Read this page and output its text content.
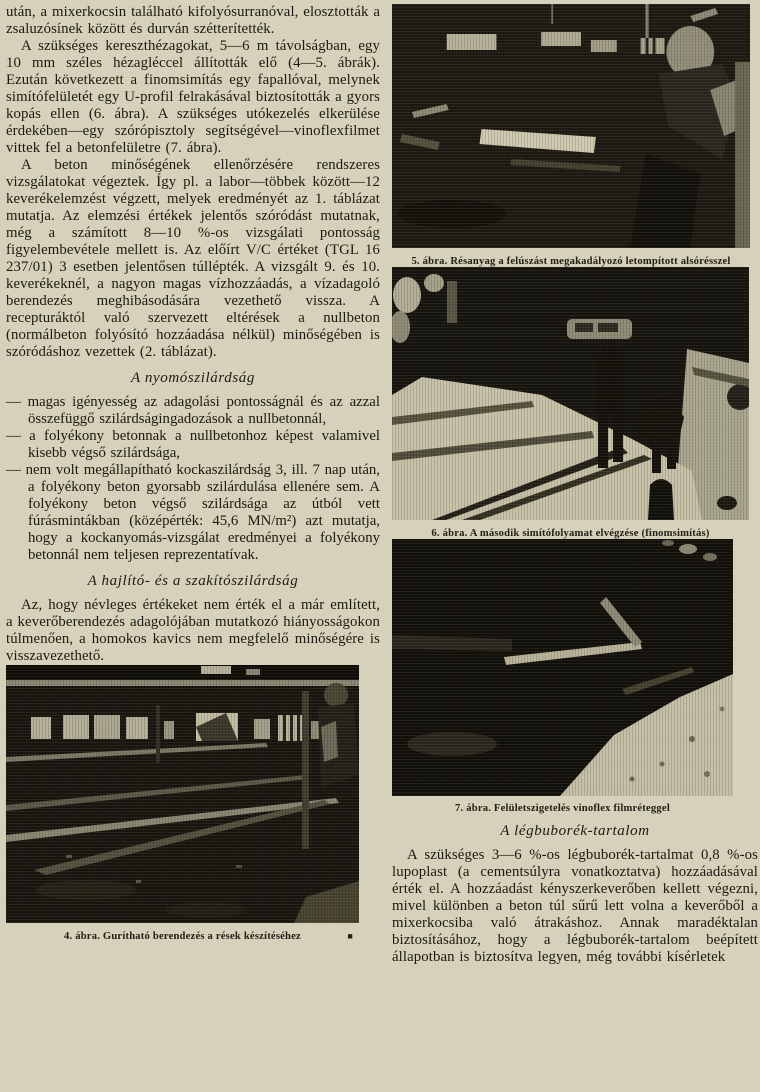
után, a mixerkocsin található kifolyósurranóval, elosztották a zsaluzósínek között és durván szétterítették.

A szükséges kereszthézagokat, 5—6 m távolságban, egy 10 mm széles hézagléccel állították elő (4—5. ábrák). Ezután következett a finomsimítás egy fapallóval, melynek simítófelületét egy U-profil felrakásával biztosították a gyors kopás ellen (6. ábra). A szükséges utókezelés elkerülése érdekében—egy szórópisztoly segítségével—vinoflexfilmet vittek fel a betonfelületre (7. ábra).

A beton minőségének ellenőrzésére rendszeres vizsgálatokat végeztek. Így pl. a labor—többek között—12 keverékelemzést végzett, melyek eredményét az 1. táblázat mutatja. Az elemzési értékek jelentős szóródást mutatnak, még a számított 8—10 %-os vizsgálati pontosság figyelembevétele mellett is. Az előírt V/C értéket (TGL 16 237/01) 3 esetben jelentősen túllépték. A vizsgált 9. és 10. keverékeknél, a nagyon magas vízhozzáadás, a vízadagoló berendezés meghibásodására vezethető vissza. A recepturáktól való szervezett eltérések a nullbeton (normálbeton folyósító hozzáadása nélkül) minőségében is szóródáshoz vezettek (2. táblázat).

A nyomószilárdság

— magas igényesség az adagolási pontosságnál és az azzal összefüggő szilárdságingadozások a nullbetonnál,

— a folyékony betonnak a nullbetonhoz képest valamivel kisebb végső szilárdsága,

— nem volt megállapítható kockaszilárdság 3, ill. 7 nap után, a folyékony beton gyorsabb szilárdulása ellenére sem. A folyékony beton végső szilárdsága az útból vett fúrásmintákban (középérték: 45,6 MN/m²) azt mutatja, hogy a kockanyomás-vizsgálat eredményei a folyékony betonnál nem teljesen reprezentatívak.

A hajlító- és a szakítószilárdság

Az, hogy névleges értékeket nem érték el a már említett, a keverőberendezés adagolójában mutatkozó hiányosságokon túlmenően, a homokos kavics nem megfelelő minőségére is visszavezethető.

4. ábra. Gurítható berendezés a rések készítéséhez	■
5. ábra. Résanyag a felúszást megakadályozó letompított alsórésszel
6. ábra. A második simítófolyamat elvégzése (finomsimítás)
7. ábra. Felületszigetelés vinoflex filmréteggel
A légbuborék-tartalom

A szükséges 3—6 %-os légbuborék-tartalmat 0,8 %-os lupoplast (a cementsúlyra vonatkoztatva) hozzáadásával érték el. A hozzáadást kényszerkeverőben kellett végezni, mivel különben a beton túl sűrű lett volna a keverőből a mixerkocsiba való átrakáshoz. Annak maradéktalan biztosításához, hogy a légbuborék-tartalom beépített állapotban is biztosítva legyen, még további kísérletek
